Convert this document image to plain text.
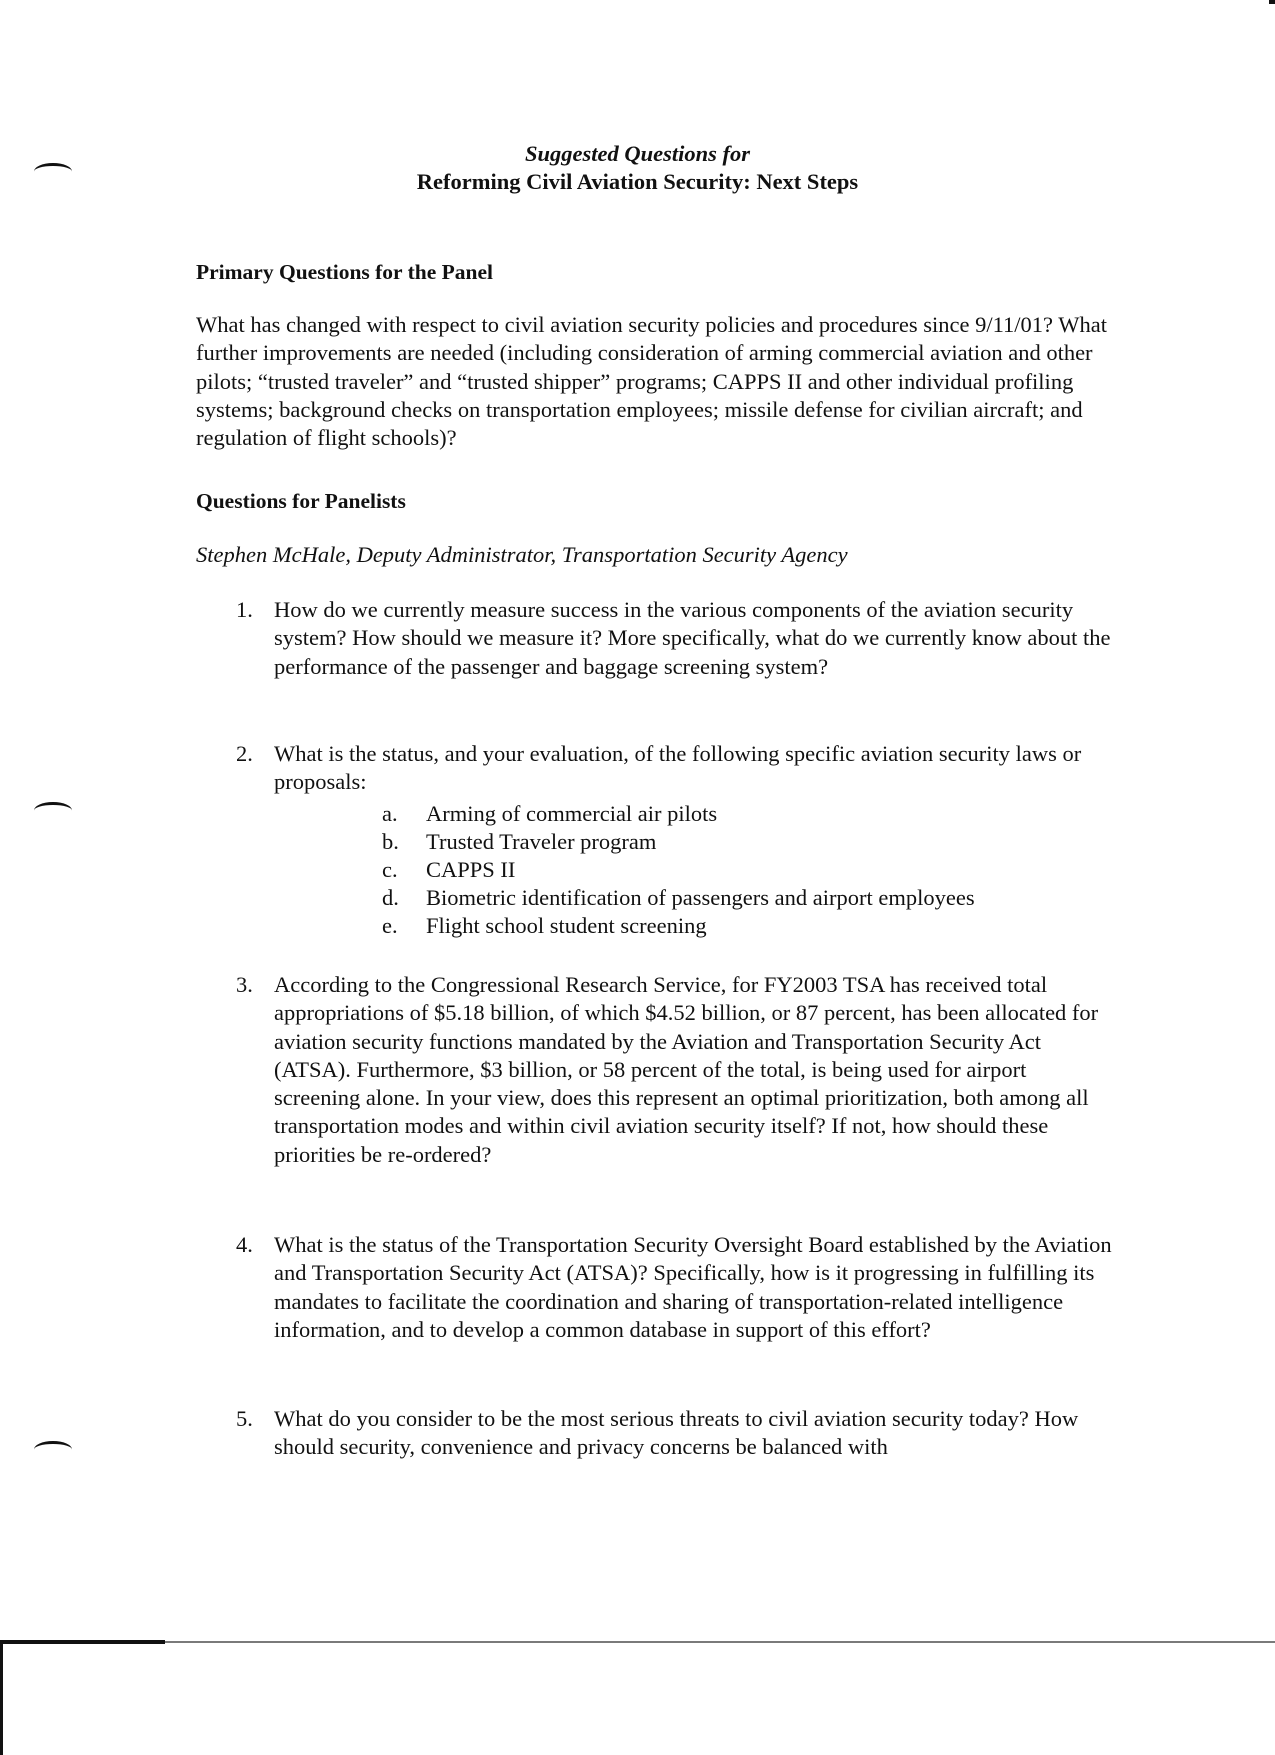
Suggested Questions for
Reforming Civil Aviation Security: Next Steps
Primary Questions for the Panel
What has changed with respect to civil aviation security policies and procedures since 9/11/01? What further improvements are needed (including consideration of arming commercial aviation and other pilots; “trusted traveler” and “trusted shipper” programs; CAPPS II and other individual profiling systems; background checks on transportation employees; missile defense for civilian aircraft; and regulation of flight schools)?
Questions for Panelists
Stephen McHale, Deputy Administrator, Transportation Security Agency
1. How do we currently measure success in the various components of the aviation security system? How should we measure it? More specifically, what do we currently know about the performance of the passenger and baggage screening system?
2. What is the status, and your evaluation, of the following specific aviation security laws or proposals:
a.	Arming of commercial air pilots
b.	Trusted Traveler program
c.	CAPPS II
d.	Biometric identification of passengers and airport employees
e.	Flight school student screening
3. According to the Congressional Research Service, for FY2003 TSA has received total appropriations of $5.18 billion, of which $4.52 billion, or 87 percent, has been allocated for aviation security functions mandated by the Aviation and Transportation Security Act (ATSA). Furthermore, $3 billion, or 58 percent of the total, is being used for airport screening alone. In your view, does this represent an optimal prioritization, both among all transportation modes and within civil aviation security itself? If not, how should these priorities be re-ordered?
4. What is the status of the Transportation Security Oversight Board established by the Aviation and Transportation Security Act (ATSA)? Specifically, how is it progressing in fulfilling its mandates to facilitate the coordination and sharing of transportation-related intelligence information, and to develop a common database in support of this effort?
5. What do you consider to be the most serious threats to civil aviation security today? How should security, convenience and privacy concerns be balanced with
